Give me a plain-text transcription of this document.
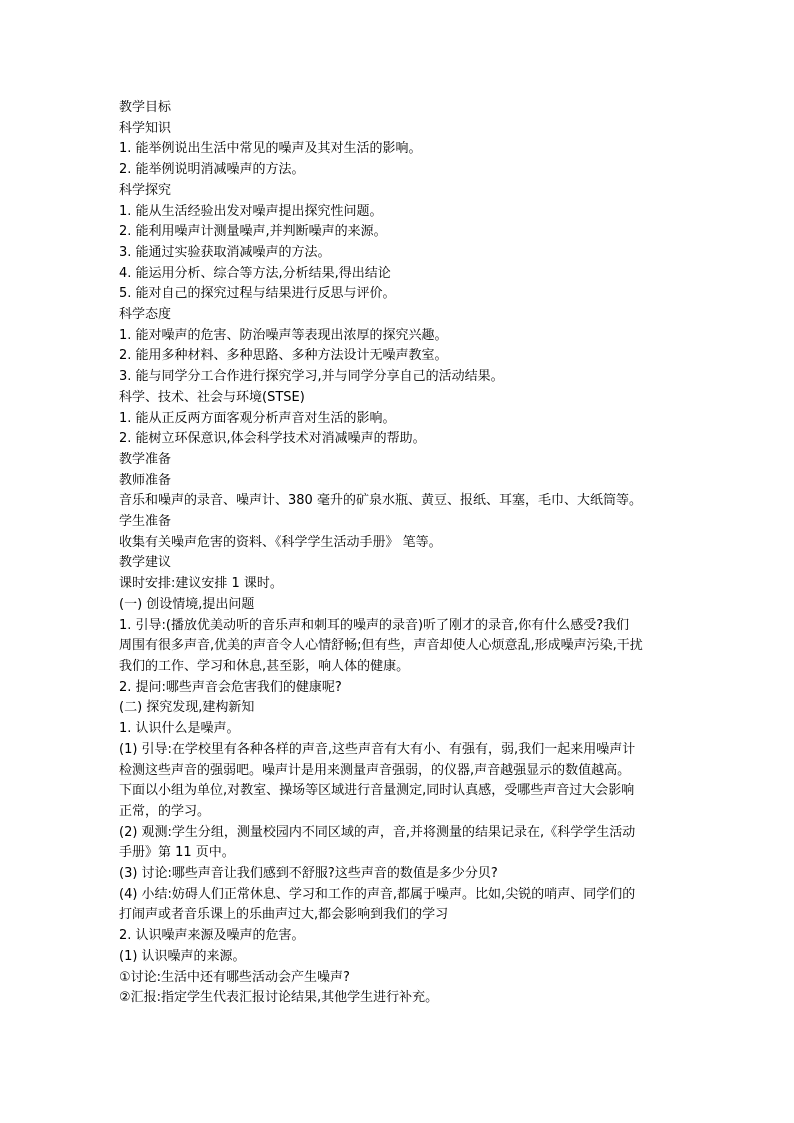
教学目标
科学知识
1. 能举例说出生活中常见的噪声及其对生活的影响。
2. 能举例说明消减噪声的方法。
科学探究
1. 能从生活经验出发对噪声提出探究性问题。
2. 能利用噪声计测量噪声,并判断噪声的来源。
3. 能通过实验获取消减噪声的方法。
4. 能运用分析、综合等方法,分析结果,得出结论
5. 能对自己的探究过程与结果进行反思与评价。
科学态度
1. 能对噪声的危害、防治噪声等表现出浓厚的探究兴趣。
2. 能用多种材料、多种思路、多种方法设计无噪声教室。
3. 能与同学分工合作进行探究学习,并与同学分享自己的活动结果。
科学、技术、社会与环境(STSE)
1. 能从正反两方面客观分析声音对生活的影响。
2. 能树立环保意识,体会科学技术对消减噪声的帮助。
教学准备
教师准备
音乐和噪声的录音、噪声计、380 毫升的矿泉水瓶、黄豆、报纸、耳塞，毛巾、大纸筒等。
学生准备
收集有关噪声危害的资料、《科学学生活动手册》 笔等。
教学建议
课时安排:建议安排 1 课时。
(一) 创设情境,提出问题
1. 引导:(播放优美动听的音乐声和刺耳的噪声的录音)听了刚才的录音,你有什么感受?我们
周围有很多声音,优美的声音令人心情舒畅;但有些，声音却使人心烦意乱,形成噪声污染,干扰
我们的工作、学习和休息,甚至影，响人体的健康。
2. 提问:哪些声音会危害我们的健康呢?
(二) 探究发现,建构新知
1. 认识什么是噪声。
(1) 引导:在学校里有各种各样的声音,这些声音有大有小、有强有，弱,我们一起来用噪声计
检测这些声音的强弱吧。噪声计是用来测量声音强弱，的仪器,声音越强显示的数值越高。
下面以小组为单位,对教室、操场等区域进行音量测定,同时认真感，受哪些声音过大会影响
正常，的学习。
(2) 观测:学生分组，测量校园内不同区域的声，音,并将测量的结果记录在,《科学学生活动
手册》第 11 页中。
(3) 讨论:哪些声音让我们感到不舒服?这些声音的数值是多少分贝?
(4) 小结:妨碍人们正常休息、学习和工作的声音,都属于噪声。比如,尖锐的哨声、同学们的
打闹声或者音乐课上的乐曲声过大,都会影响到我们的学习
2. 认识噪声来源及噪声的危害。
(1) 认识噪声的来源。
①讨论:生活中还有哪些活动会产生噪声?
②汇报:指定学生代表汇报讨论结果,其他学生进行补充。
